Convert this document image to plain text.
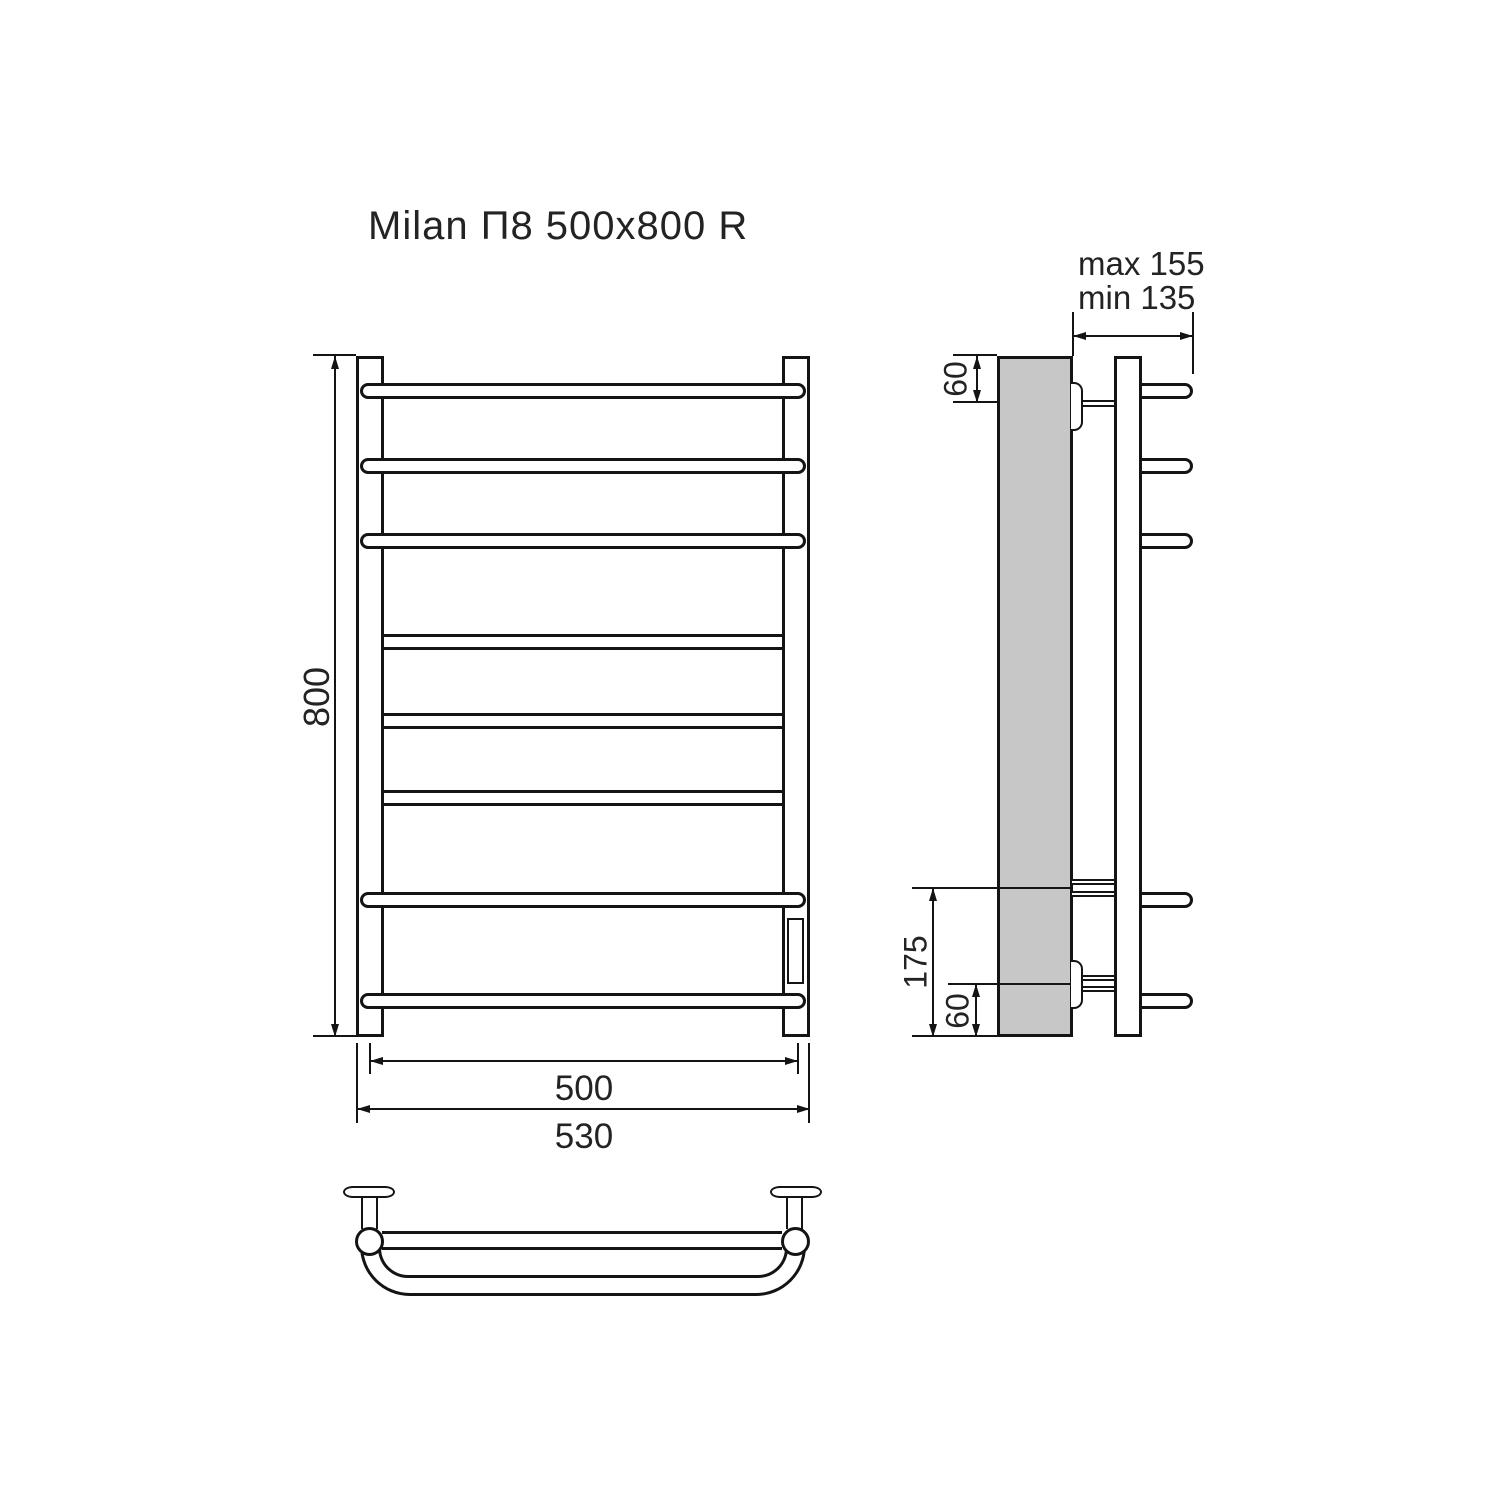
Milan П8 500x800 R
800
500
530
max 155
min 135
60
175
60
